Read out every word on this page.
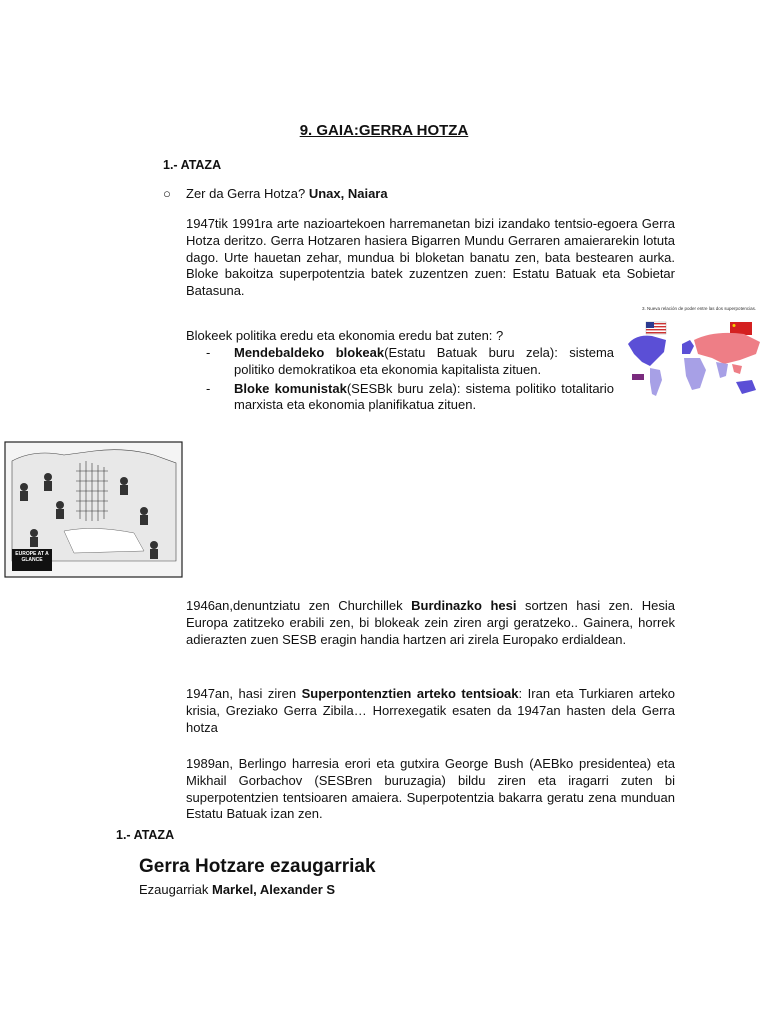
9. GAIA:GERRA HOTZA
1.- ATAZA
○ Zer da Gerra Hotza? Unax, Naiara
1947tik 1991ra arte nazioartekoen harremanetan bizi izandako tentsio-egoera Gerra Hotza deritzo. Gerra Hotzaren hasiera Bigarren Mundu Gerraren amaierarekin lotuta dago. Urte hauetan zehar, mundua bi bloketan banatu zen, bata bestearen aurka. Bloke bakoitza superpotentzia batek zuzentzen zuen: Estatu Batuak eta Sobietar Batasuna.
Blokeek politika eredu eta ekonomia eredu bat zuten: ?
-	Mendebaldeko blokeak(Estatu Batuak buru zela): sistema politiko demokratikoa eta ekonomia kapitalista zituen.
-	Bloke komunistak(SESBk buru zela): sistema politiko totalitario marxista eta ekonomia planifikatua zituen.
3. Nueva relación de poder entre las dos superpotencias.
EUROPE AT A GLANCE
1946an,denuntziatu zen Churchillek Burdinazko hesi sortzen hasi zen. Hesia Europa zatitzeko erabili zen, bi blokeak zein ziren argi geratzeko.. Gainera, horrek adierazten zuen SESB eragin handia hartzen ari zirela Europako erdialdean.
1947an, hasi ziren Superpontenztien arteko tentsioak: Iran eta Turkiaren arteko krisia, Greziako Gerra Zibila… Horrexegatik esaten da 1947an hasten dela Gerra hotza
1989an, Berlingo harresia erori eta gutxira George Bush (AEBko presidentea) eta Mikhail Gorbachov (SESBren buruzagia) bildu ziren eta iragarri zuten bi superpotentzien tentsioaren amaiera. Superpotentzia bakarra geratu zena munduan Estatu Batuak izan zen.
1.- ATAZA
Gerra Hotzare ezaugarriak
Ezaugarriak Markel, Alexander S
